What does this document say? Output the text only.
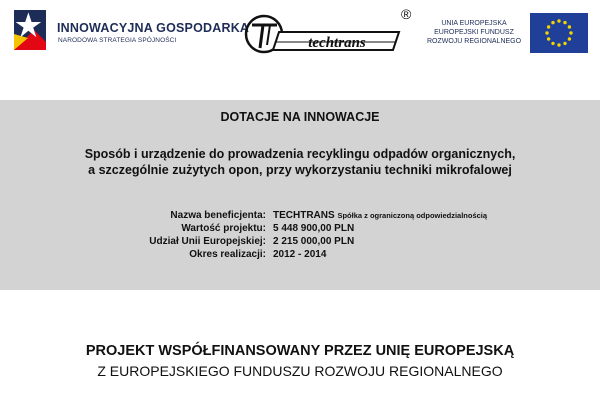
INNOWACYJNA GOSPODARKA
NARODOWA STRATEGIA SPÓJNOŚCI	techtrans
®
UNIA EUROPEJSKA
EUROPEJSKI FUNDUSZ
ROZWOJU REGIONALNEGO
DOTACJE NA INNOWACJE
Sposób i urządzenie do prowadzenia recyklingu odpadów organicznych,
a szczególnie zużytych opon, przy wykorzystaniu techniki mikrofalowej
Nazwa beneficjenta: TECHTRANS Spółka z ograniczoną odpowiedzialnością
Wartość projektu: 5 448 900,00 PLN
Udział Unii Europejskiej: 2 215 000,00 PLN
Okres realizacji: 2012 - 2014
PROJEKT WSPÓŁFINANSOWANY PRZEZ UNIĘ EUROPEJSKĄ
Z EUROPEJSKIEGO FUNDUSZU ROZWOJU REGIONALNEGO
